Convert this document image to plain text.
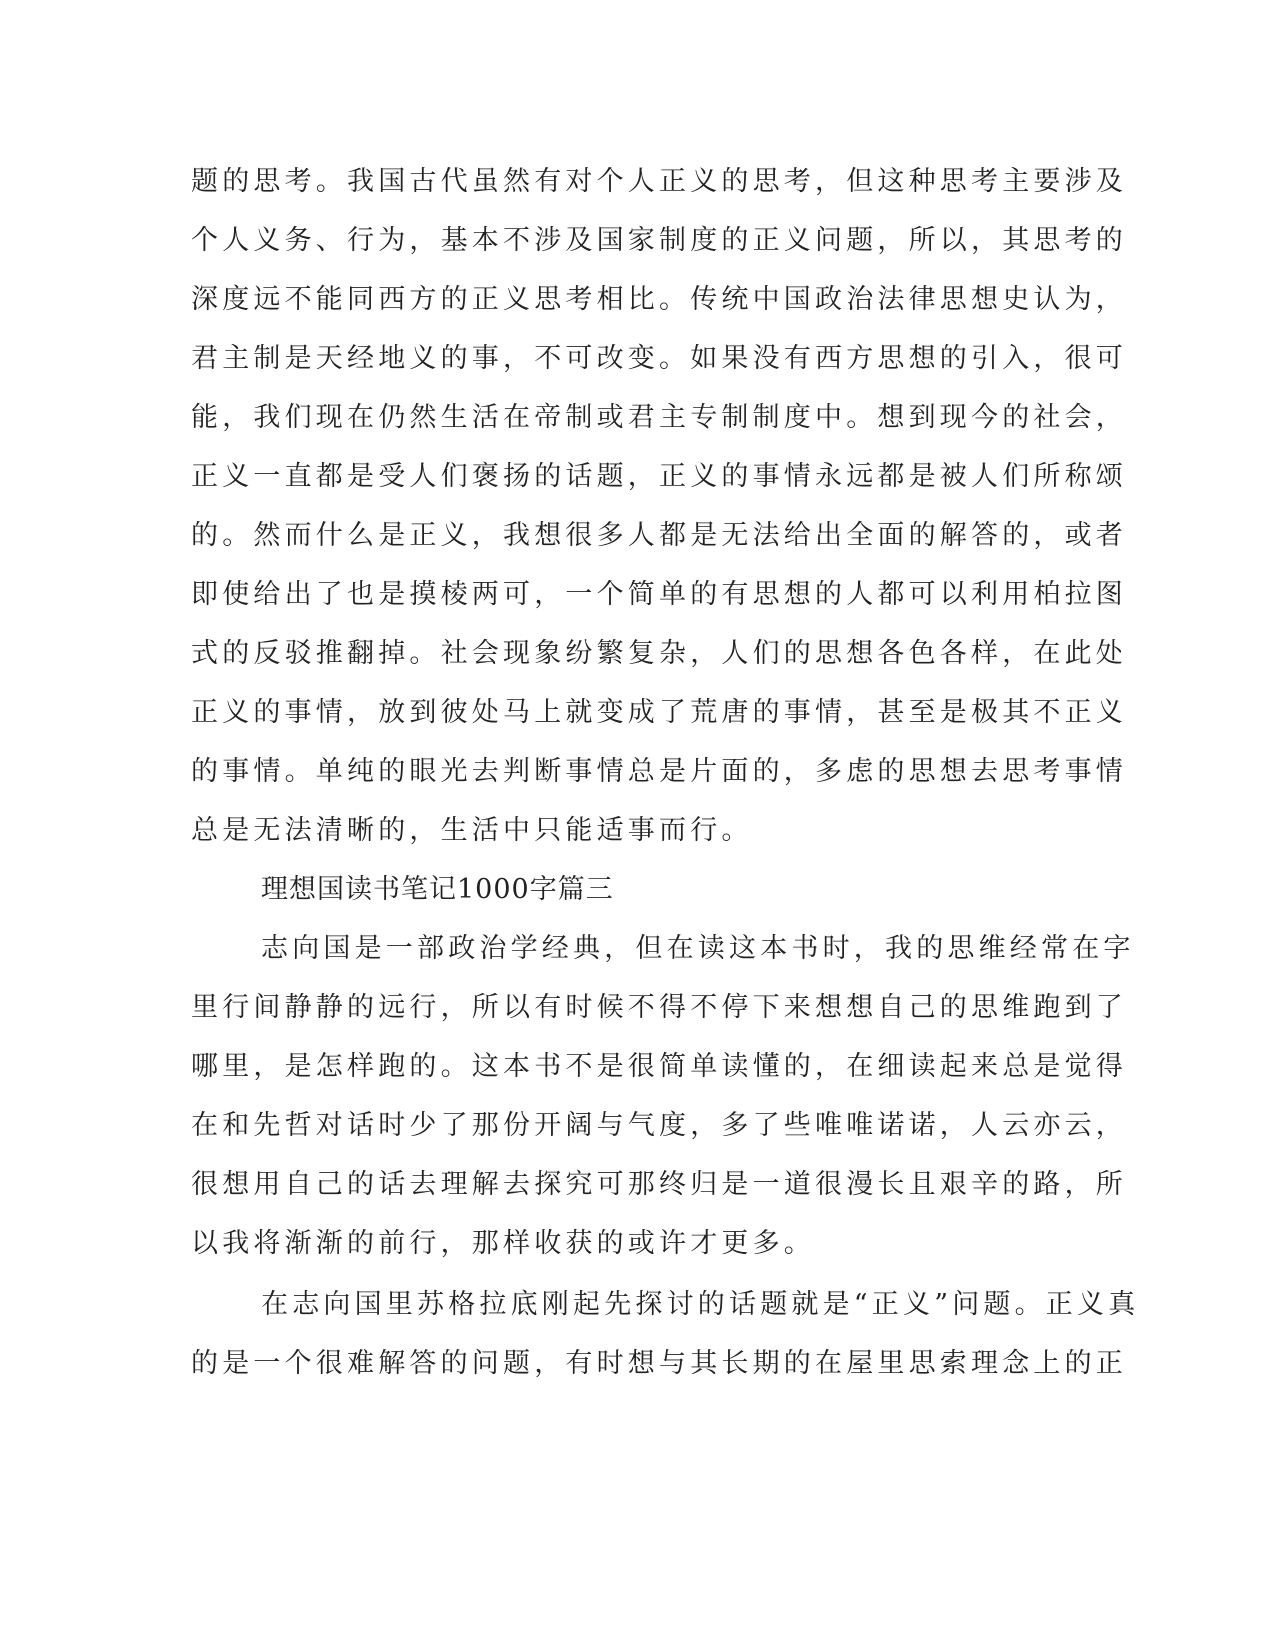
题的思考。我国古代虽然有对个人正义的思考，但这种思考主要涉及
个人义务、行为，基本不涉及国家制度的正义问题，所以，其思考的
深度远不能同西方的正义思考相比。传统中国政治法律思想史认为，
君主制是天经地义的事，不可改变。如果没有西方思想的引入，很可
能，我们现在仍然生活在帝制或君主专制制度中。想到现今的社会，
正义一直都是受人们褒扬的话题，正义的事情永远都是被人们所称颂
的。然而什么是正义，我想很多人都是无法给出全面的解答的，或者
即使给出了也是摸棱两可，一个简单的有思想的人都可以利用柏拉图
式的反驳推翻掉。社会现象纷繁复杂，人们的思想各色各样，在此处
正义的事情，放到彼处马上就变成了荒唐的事情，甚至是极其不正义
的事情。单纯的眼光去判断事情总是片面的，多虑的思想去思考事情
总是无法清晰的，生活中只能适事而行。
理想国读书笔记1000字篇三
志向国是一部政治学经典，但在读这本书时，我的思维经常在字
里行间静静的远行，所以有时候不得不停下来想想自己的思维跑到了
哪里，是怎样跑的。这本书不是很简单读懂的，在细读起来总是觉得
在和先哲对话时少了那份开阔与气度，多了些唯唯诺诺，人云亦云，
很想用自己的话去理解去探究可那终归是一道很漫长且艰辛的路，所
以我将渐渐的前行，那样收获的或许才更多。
在志向国里苏格拉底刚起先探讨的话题就是“正义”问题。正义真
的是一个很难解答的问题，有时想与其长期的在屋里思索理念上的正
